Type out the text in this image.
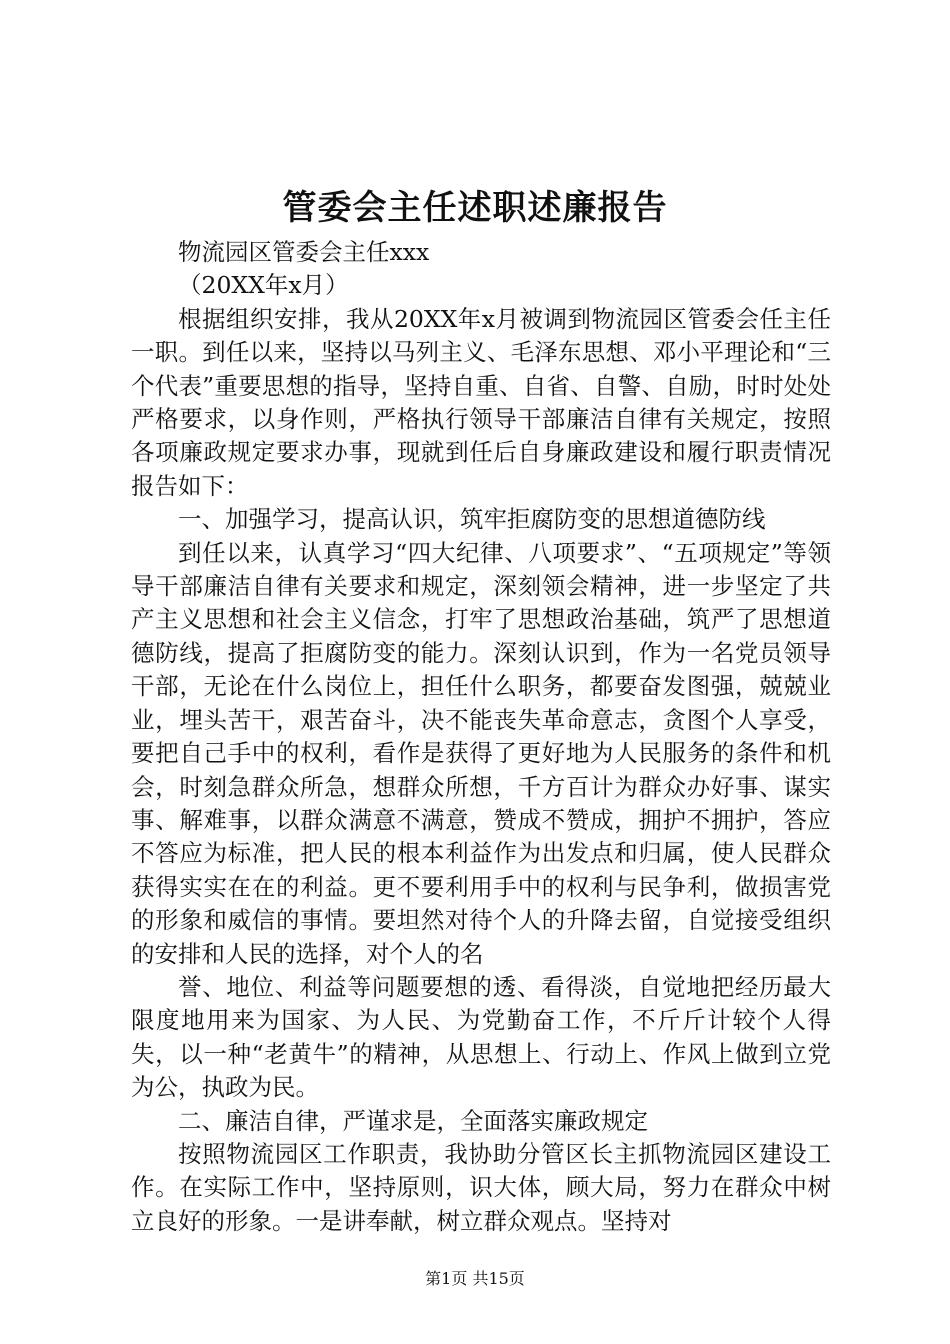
管委会主任述职述廉报告

物流园区管委会主任xxx

（20XX年x月）

根据组织安排，我从20XX年x月被调到物流园区管委会任主任一职。到任以来，坚持以马列主义、毛泽东思想、邓小平理论和“三个代表”重要思想的指导，坚持自重、自省、自警、自励，时时处处严格要求，以身作则，严格执行领导干部廉洁自律有关规定，按照各项廉政规定要求办事，现就到任后自身廉政建设和履行职责情况报告如下：

一、加强学习，提高认识，筑牢拒腐防变的思想道德防线

到任以来，认真学习“四大纪律、八项要求”、“五项规定”等领导干部廉洁自律有关要求和规定，深刻领会精神，进一步坚定了共产主义思想和社会主义信念，打牢了思想政治基础，筑严了思想道德防线，提高了拒腐防变的能力。深刻认识到，作为一名党员领导干部，无论在什么岗位上，担任什么职务，都要奋发图强，兢兢业业，埋头苦干，艰苦奋斗，决不能丧失革命意志，贪图个人享受，要把自己手中的权利，看作是获得了更好地为人民服务的条件和机会，时刻急群众所急，想群众所想，千方百计为群众办好事、谋实事、解难事，以群众满意不满意，赞成不赞成，拥护不拥护，答应不答应为标准，把人民的根本利益作为出发点和归属，使人民群众获得实实在在的利益。更不要利用手中的权利与民争利，做损害党的形象和威信的事情。要坦然对待个人的升降去留，自觉接受组织的安排和人民的选择，对个人的名

誉、地位、利益等问题要想的透、看得淡，自觉地把经历最大限度地用来为国家、为人民、为党勤奋工作，不斤斤计较个人得失，以一种“老黄牛”的精神，从思想上、行动上、作风上做到立党为公，执政为民。

二、廉洁自律，严谨求是，全面落实廉政规定

按照物流园区工作职责，我协助分管区长主抓物流园区建设工作。在实际工作中，坚持原则，识大体，顾大局，努力在群众中树立良好的形象。一是讲奉献，树立群众观点。坚持对

第1页 共15页
